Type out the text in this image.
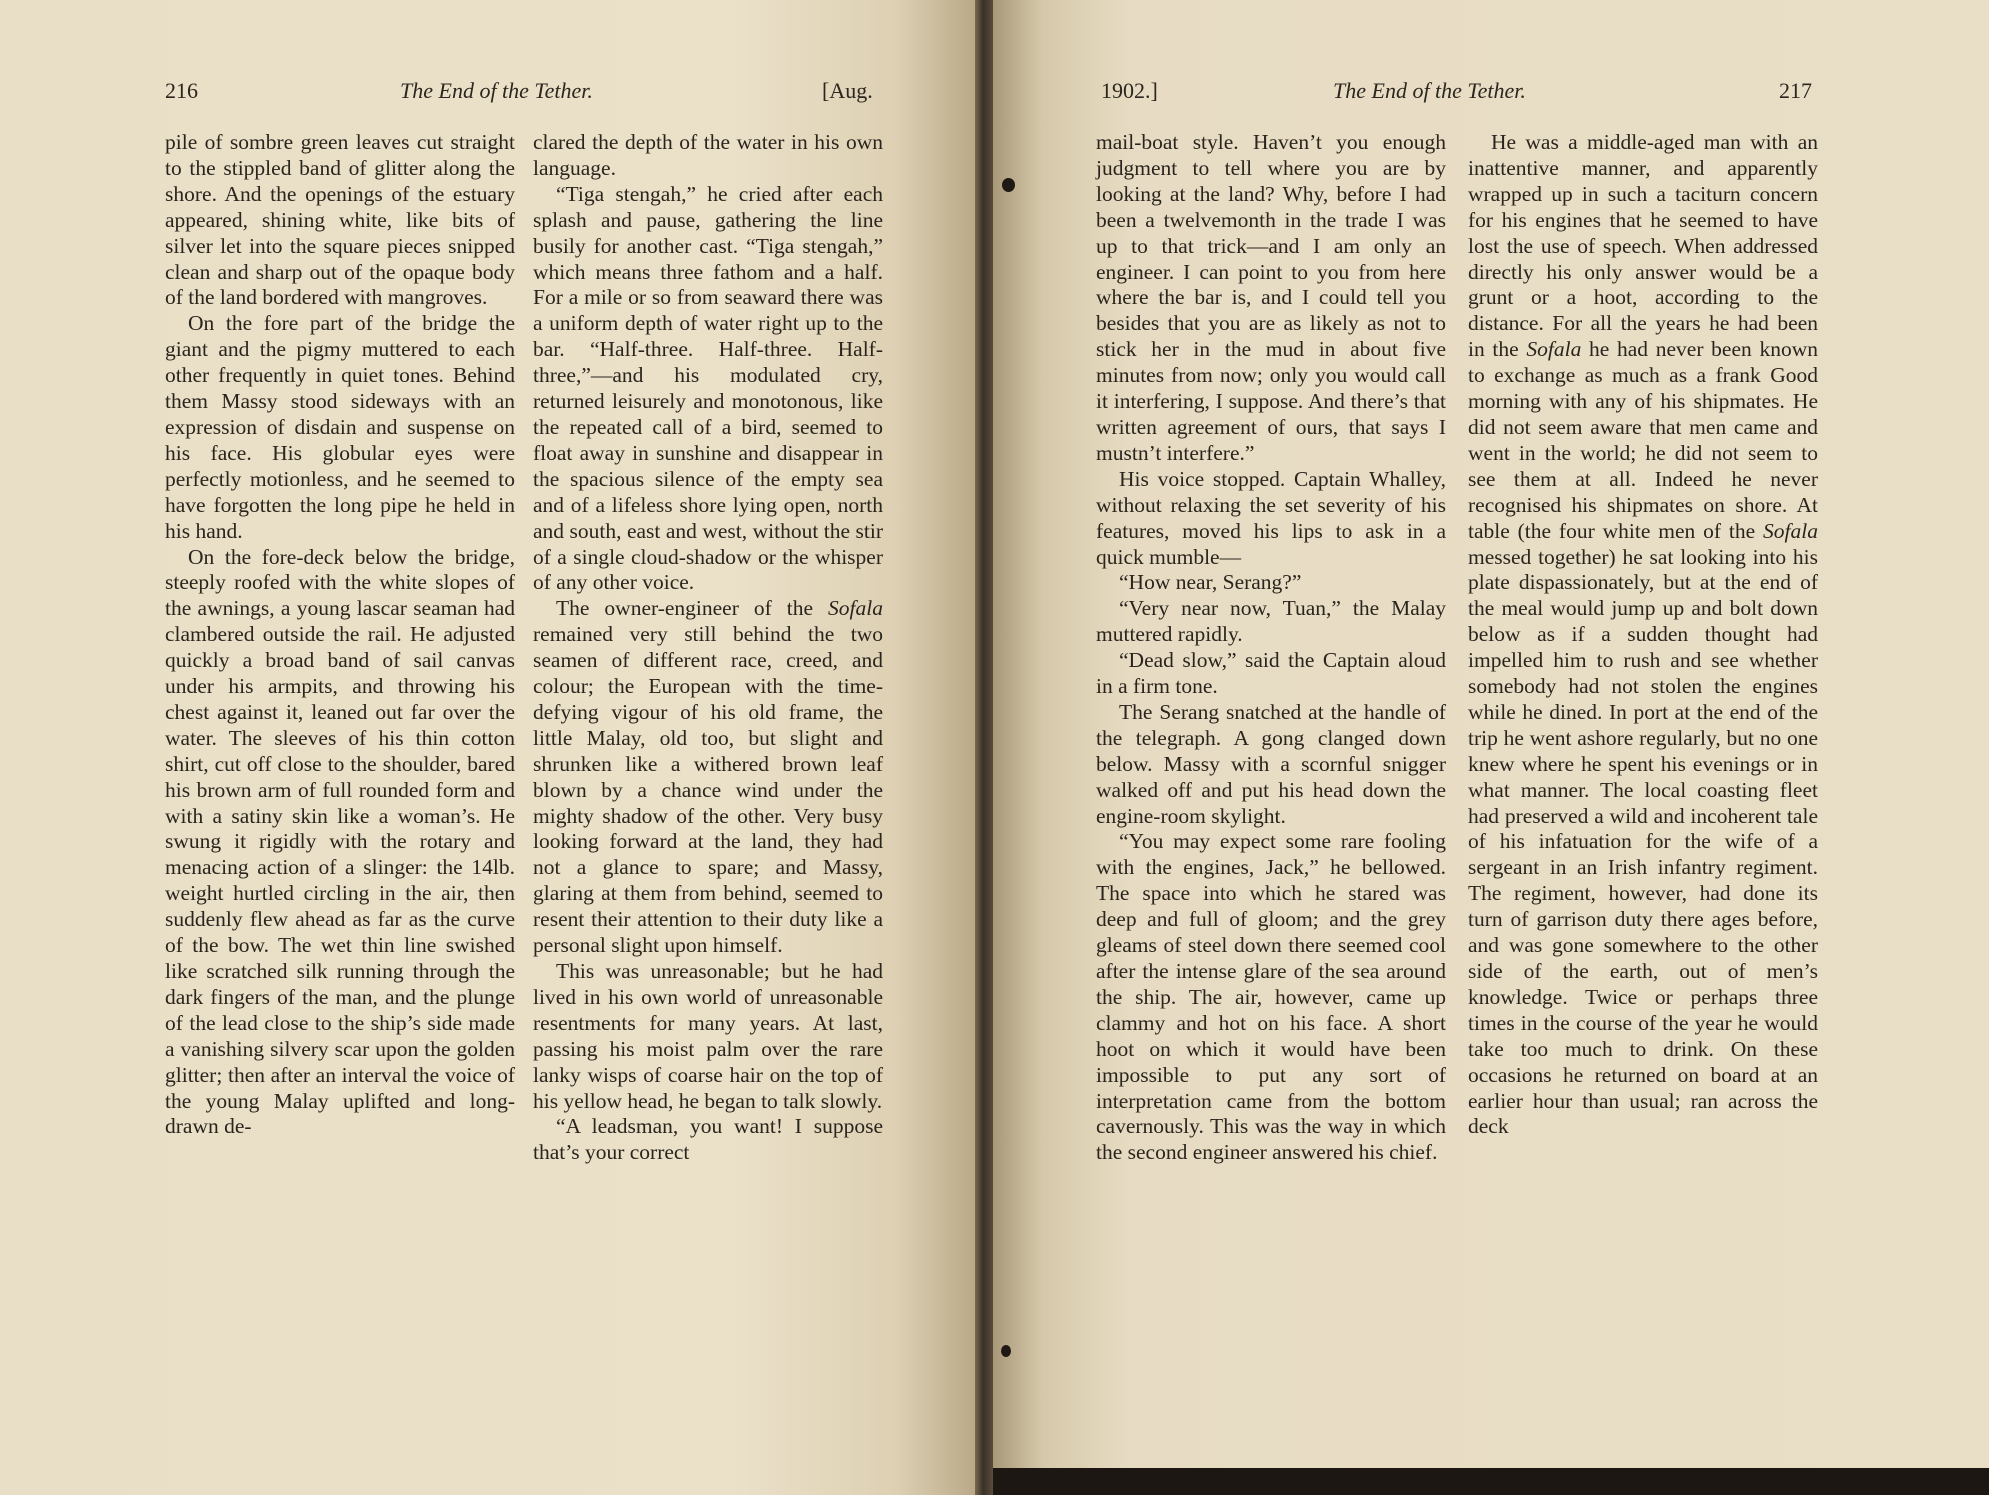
216	The End of the Tether.	[Aug.

pile of sombre green leaves cut straight to the stippled band of glitter along the shore. And the openings of the estuary appeared, shining white, like bits of silver let into the square pieces snipped clean and sharp out of the opaque body of the land bordered with mangroves.

On the fore part of the bridge the giant and the pigmy muttered to each other frequently in quiet tones. Behind them Massy stood sideways with an expression of disdain and suspense on his face. His globular eyes were perfectly motionless, and he seemed to have forgotten the long pipe he held in his hand.

On the fore-deck below the bridge, steeply roofed with the white slopes of the awnings, a young lascar seaman had clambered outside the rail. He adjusted quickly a broad band of sail canvas under his armpits, and throwing his chest against it, leaned out far over the water. The sleeves of his thin cotton shirt, cut off close to the shoulder, bared his brown arm of full rounded form and with a satiny skin like a woman’s. He swung it rigidly with the rotary and menacing action of a slinger: the 14lb. weight hurtled circling in the air, then suddenly flew ahead as far as the curve of the bow. The wet thin line swished like scratched silk running through the dark fingers of the man, and the plunge of the lead close to the ship’s side made a vanishing silvery scar upon the golden glitter; then after an interval the voice of the young Malay uplifted and long-drawn de-

clared the depth of the water in his own language.

“Tiga stengah,” he cried after each splash and pause, gathering the line busily for another cast. “Tiga stengah,” which means three fathom and a half. For a mile or so from seaward there was a uniform depth of water right up to the bar. “Half-three. Half-three. Half-three,”—and his modulated cry, returned leisurely and monotonous, like the repeated call of a bird, seemed to float away in sunshine and disappear in the spacious silence of the empty sea and of a lifeless shore lying open, north and south, east and west, without the stir of a single cloud-shadow or the whisper of any other voice.

The owner-engineer of the Sofala remained very still behind the two seamen of different race, creed, and colour; the European with the time-defying vigour of his old frame, the little Malay, old too, but slight and shrunken like a withered brown leaf blown by a chance wind under the mighty shadow of the other. Very busy looking forward at the land, they had not a glance to spare; and Massy, glaring at them from behind, seemed to resent their attention to their duty like a personal slight upon himself.

This was unreasonable; but he had lived in his own world of unreasonable resentments for many years. At last, passing his moist palm over the rare lanky wisps of coarse hair on the top of his yellow head, he began to talk slowly.

“A leadsman, you want! I suppose that’s your correct

1902.]	The End of the Tether.	217

mail-boat style. Haven’t you enough judgment to tell where you are by looking at the land? Why, before I had been a twelvemonth in the trade I was up to that trick—and I am only an engineer. I can point to you from here where the bar is, and I could tell you besides that you are as likely as not to stick her in the mud in about five minutes from now; only you would call it interfering, I suppose. And there’s that written agreement of ours, that says I mustn’t interfere.”

His voice stopped. Captain Whalley, without relaxing the set severity of his features, moved his lips to ask in a quick mumble—

“How near, Serang?”

“Very near now, Tuan,” the Malay muttered rapidly.

“Dead slow,” said the Captain aloud in a firm tone.

The Serang snatched at the handle of the telegraph. A gong clanged down below. Massy with a scornful snigger walked off and put his head down the engine-room skylight.

“You may expect some rare fooling with the engines, Jack,” he bellowed. The space into which he stared was deep and full of gloom; and the grey gleams of steel down there seemed cool after the intense glare of the sea around the ship. The air, however, came up clammy and hot on his face. A short hoot on which it would have been impossible to put any sort of interpretation came from the bottom cavernously. This was the way in which the second engineer answered his chief.

He was a middle-aged man with an inattentive manner, and apparently wrapped up in such a taciturn concern for his engines that he seemed to have lost the use of speech. When addressed directly his only answer would be a grunt or a hoot, according to the distance. For all the years he had been in the Sofala he had never been known to exchange as much as a frank Good morning with any of his shipmates. He did not seem aware that men came and went in the world; he did not seem to see them at all. Indeed he never recognised his shipmates on shore. At table (the four white men of the Sofala messed together) he sat looking into his plate dispassionately, but at the end of the meal would jump up and bolt down below as if a sudden thought had impelled him to rush and see whether somebody had not stolen the engines while he dined. In port at the end of the trip he went ashore regularly, but no one knew where he spent his evenings or in what manner. The local coasting fleet had preserved a wild and incoherent tale of his infatuation for the wife of a sergeant in an Irish infantry regiment. The regiment, however, had done its turn of garrison duty there ages before, and was gone somewhere to the other side of the earth, out of men’s knowledge. Twice or perhaps three times in the course of the year he would take too much to drink. On these occasions he returned on board at an earlier hour than usual; ran across the deck
